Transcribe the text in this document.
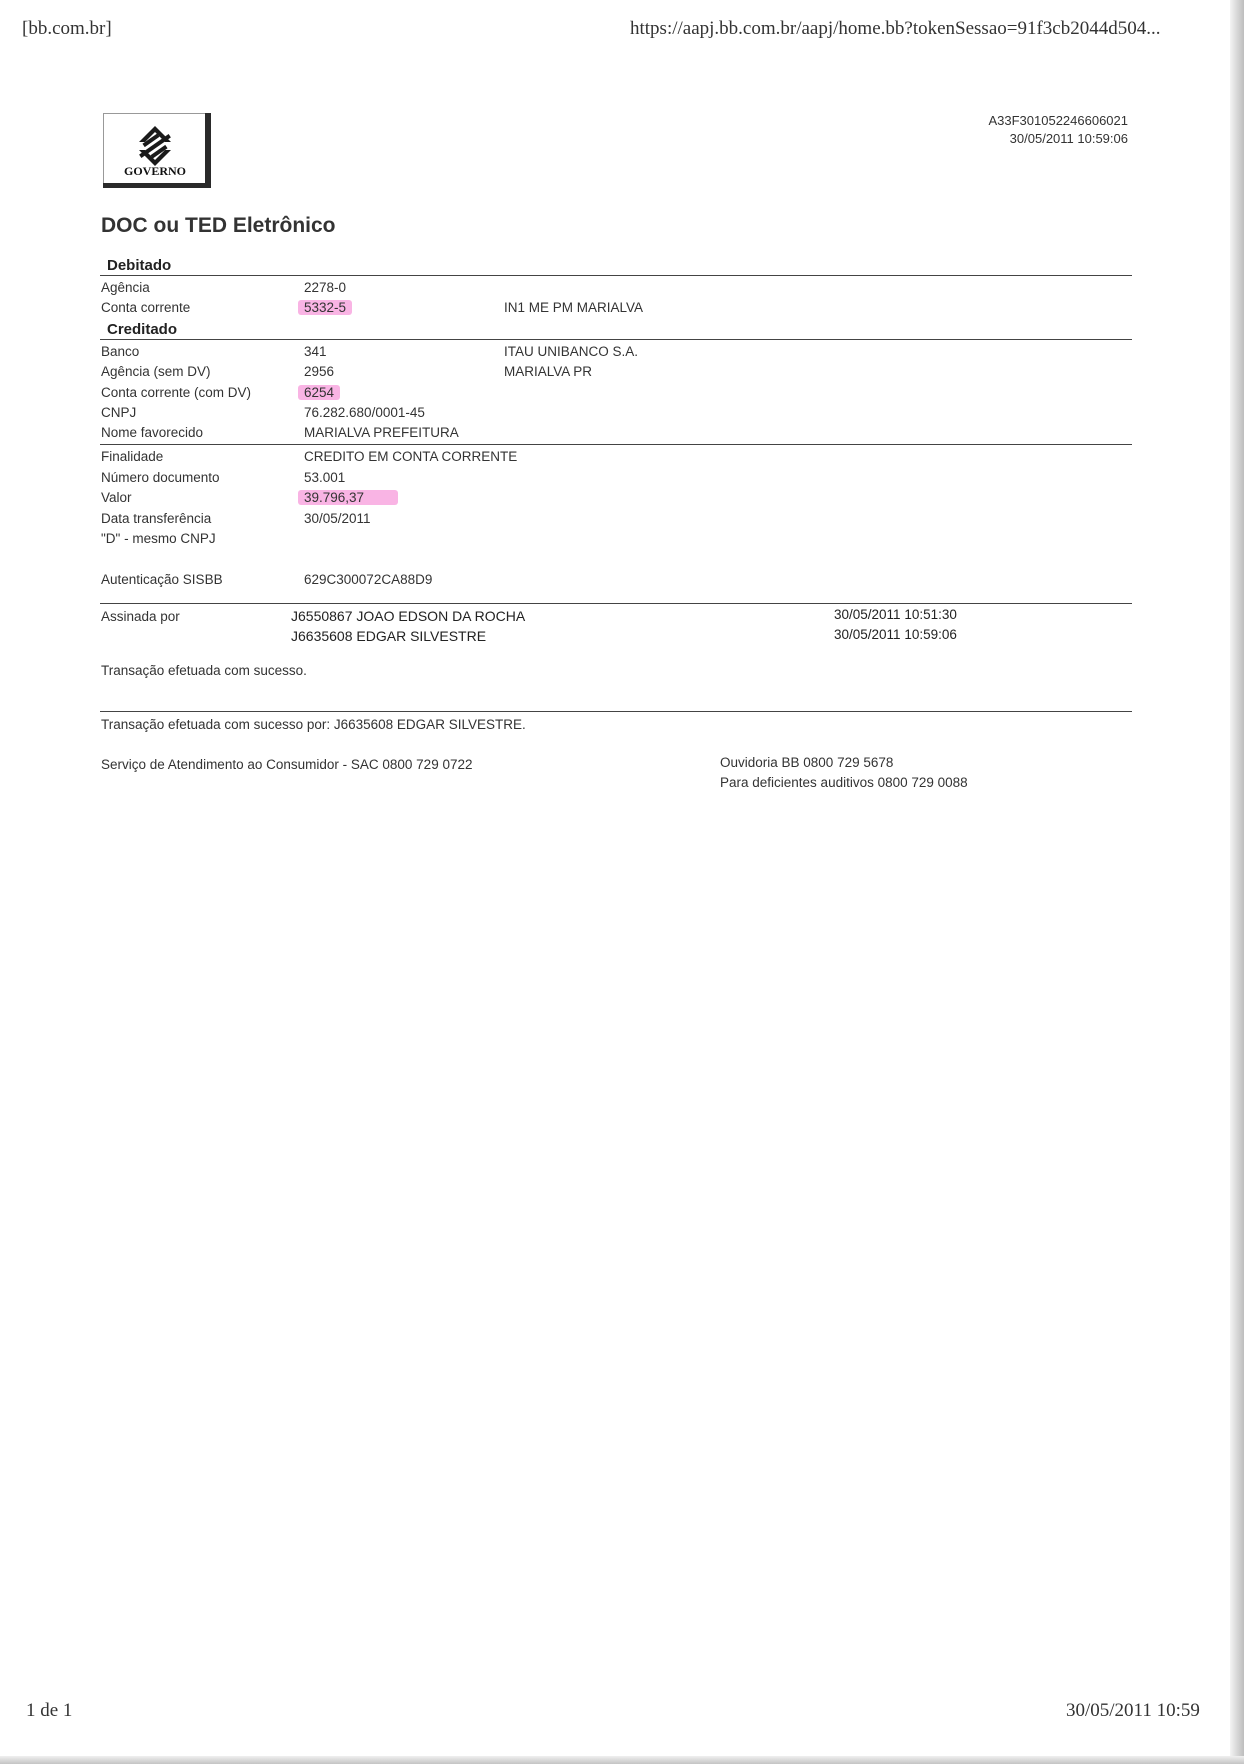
[bb.com.br]	https://aapj.bb.com.br/aapj/home.bb?tokenSessao=91f3cb2044d504...
GOVERNO
A33F301052246606021
30/05/2011 10:59:06
DOC ou TED Eletrônico
Debitado
Agência	2278-0
Conta corrente	5332-5	IN1 ME PM MARIALVA
Creditado
Banco	341	ITAU UNIBANCO S.A.
Agência (sem DV)	2956	MARIALVA PR
Conta corrente (com DV)	6254
CNPJ	76.282.680/0001-45
Nome favorecido	MARIALVA PREFEITURA
Finalidade	CREDITO EM CONTA CORRENTE
Número documento	53.001
Valor	39.796,37
Data transferência	30/05/2011
"D" - mesmo CNPJ
Autenticação SISBB	629C300072CA88D9
Assinada por	J6550867 JOAO EDSON DA ROCHA	30/05/2011 10:51:30
J6635608 EDGAR SILVESTRE	30/05/2011 10:59:06
Transação efetuada com sucesso.
Transação efetuada com sucesso por: J6635608 EDGAR SILVESTRE.
Serviço de Atendimento ao Consumidor - SAC 0800 729 0722	Ouvidoria BB 0800 729 5678
Para deficientes auditivos 0800 729 0088
1 de 1	30/05/2011 10:59
